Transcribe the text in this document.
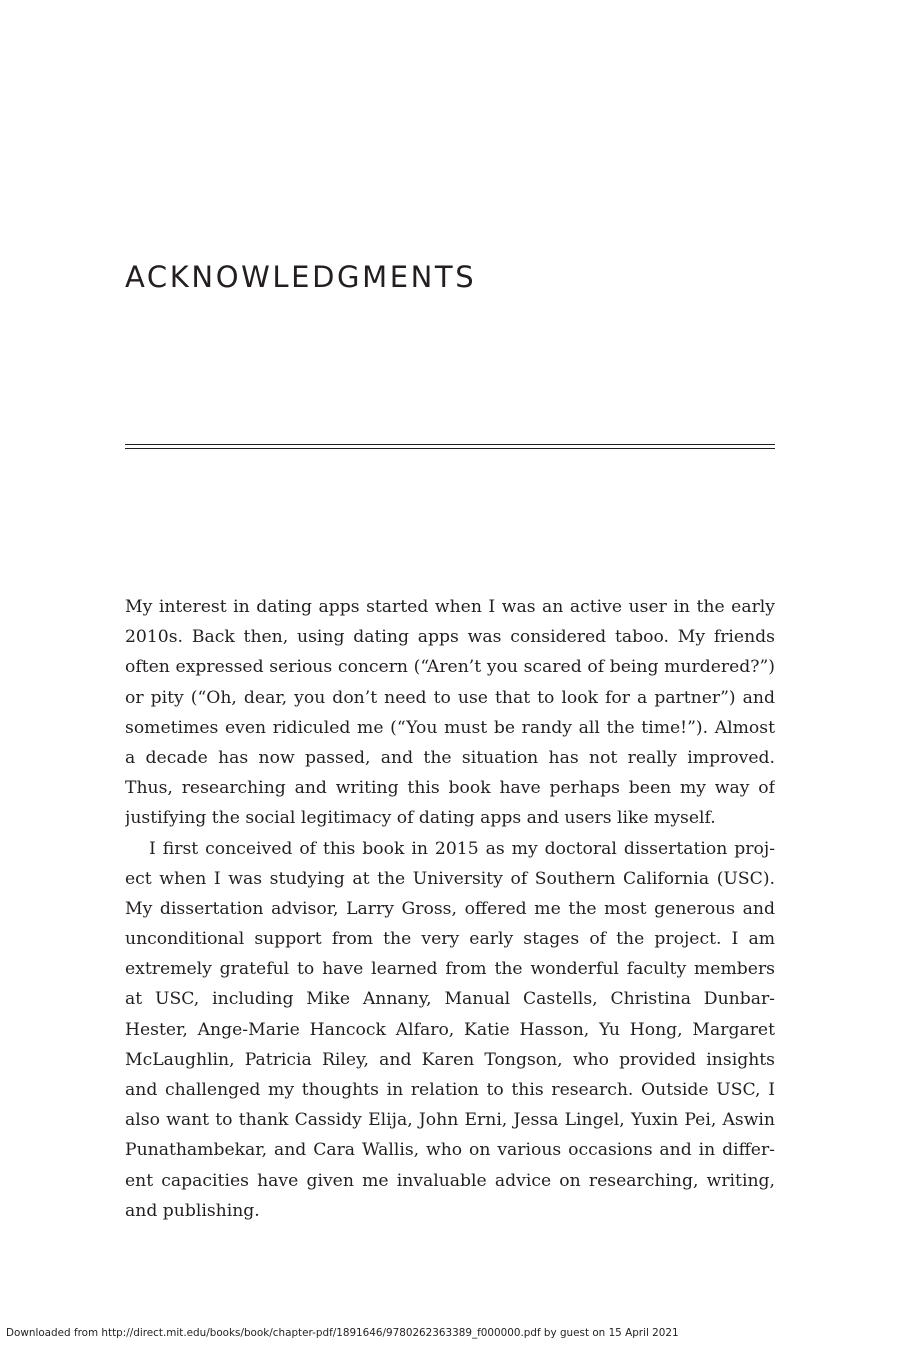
ACKNOWLEDGMENTS
My interest in dating apps started when I was an active user in the early
2010s. Back then, using dating apps was considered taboo. My friends
often expressed serious concern (“Aren’t you scared of being murdered?”)
or pity (“Oh, dear, you don’t need to use that to look for a partner”) and
sometimes even ridiculed me (“You must be randy all the time!”). Almost
a decade has now passed, and the situation has not really improved.
Thus, researching and writing this book have perhaps been my way of
justifying the social legitimacy of dating apps and users like myself.
I first conceived of this book in 2015 as my doctoral dissertation proj-
ect when I was studying at the University of Southern California (USC).
My dissertation advisor, Larry Gross, offered me the most generous and
unconditional support from the very early stages of the project. I am
extremely grateful to have learned from the wonderful faculty members
at USC, including Mike Annany, Manual Castells, Christina Dunbar-
Hester, Ange-Marie Hancock Alfaro, Katie Hasson, Yu Hong, Margaret
McLaughlin, Patricia Riley, and Karen Tongson, who provided insights
and challenged my thoughts in relation to this research. Outside USC, I
also want to thank Cassidy Elija, John Erni, Jessa Lingel, Yuxin Pei, Aswin
Punathambekar, and Cara Wallis, who on various occasions and in differ-
ent capacities have given me invaluable advice on researching, writing,
and publishing.
Downloaded from http://direct.mit.edu/books/book/chapter-pdf/1891646/9780262363389_f000000.pdf by guest on 15 April 2021
